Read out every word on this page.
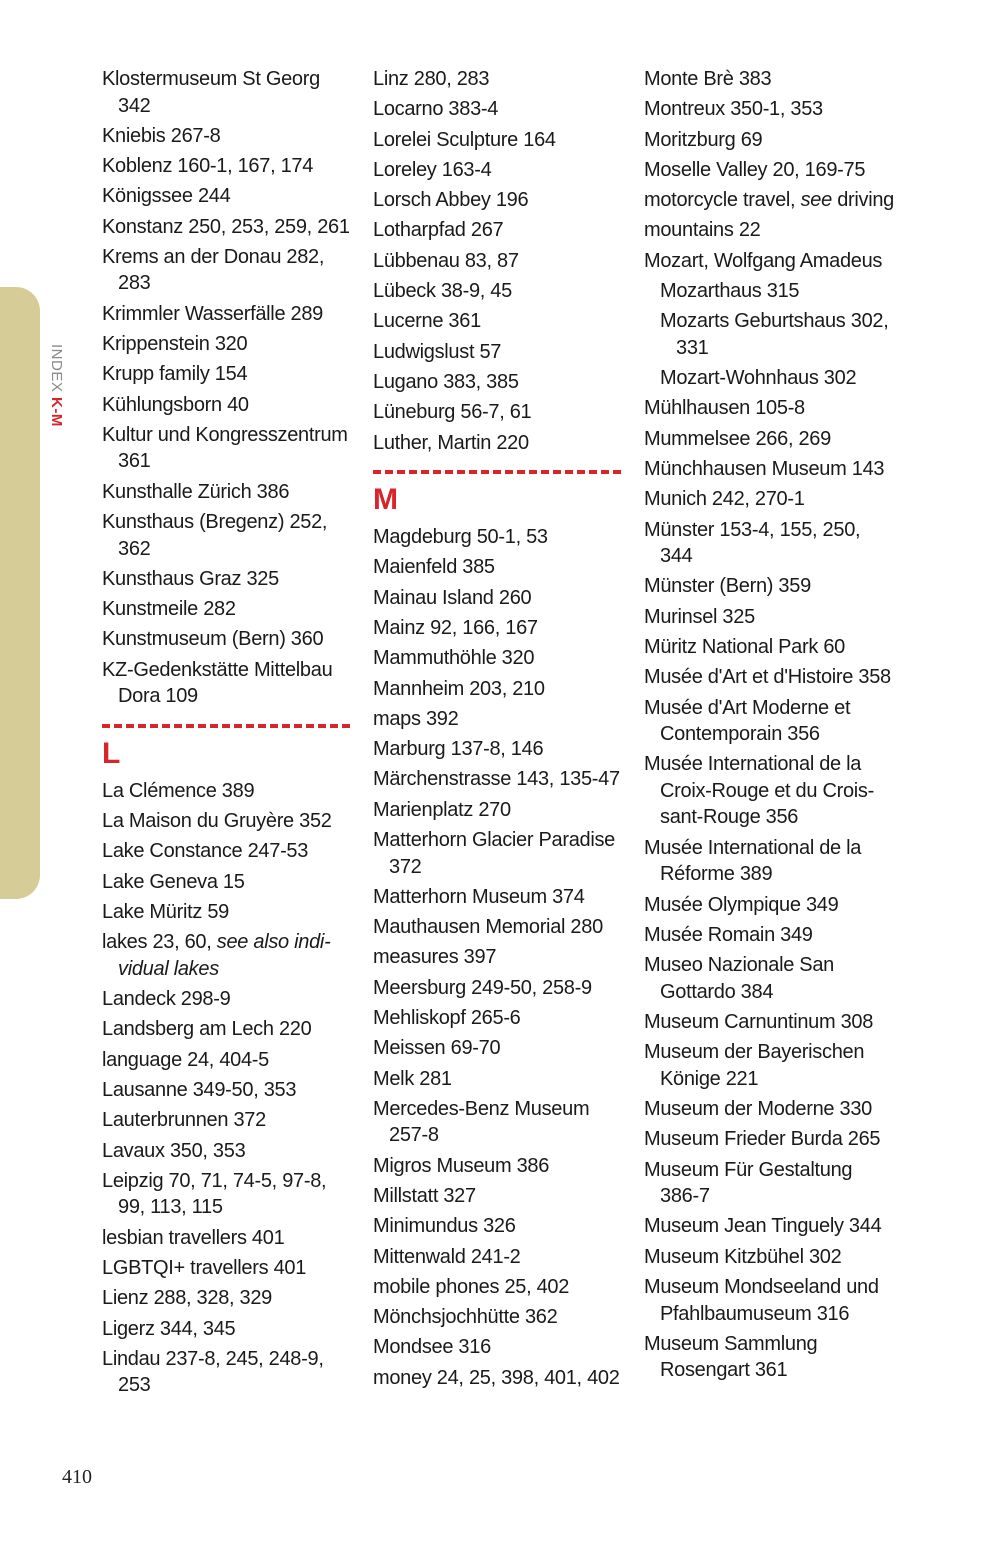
INDEX K-M
Klostermuseum St Georg 342
Kniebis 267-8
Koblenz 160-1, 167, 174
Königssee 244
Konstanz 250, 253, 259, 261
Krems an der Donau 282, 283
Krimmler Wasserfälle 289
Krippenstein 320
Krupp family 154
Kühlungsborn 40
Kultur und Kongresszentrum 361
Kunsthalle Zürich 386
Kunsthaus (Bregenz) 252, 362
Kunsthaus Graz 325
Kunstmeile 282
Kunstmuseum (Bern) 360
KZ-Gedenkstätte Mittelbau Dora 109
L
La Clémence 389
La Maison du Gruyère 352
Lake Constance 247-53
Lake Geneva 15
Lake Müritz 59
lakes 23, 60, see also individual lakes
Landeck 298-9
Landsberg am Lech 220
language 24, 404-5
Lausanne 349-50, 353
Lauterbrunnen 372
Lavaux 350, 353
Leipzig 70, 71, 74-5, 97-8, 99, 113, 115
lesbian travellers 401
LGBTQI+ travellers 401
Lienz 288, 328, 329
Ligerz 344, 345
Lindau 237-8, 245, 248-9, 253
Linz 280, 283
Locarno 383-4
Lorelei Sculpture 164
Loreley 163-4
Lorsch Abbey 196
Lotharpfad 267
Lübbenau 83, 87
Lübeck 38-9, 45
Lucerne 361
Ludwigslust 57
Lugano 383, 385
Lüneburg 56-7, 61
Luther, Martin 220
M
Magdeburg 50-1, 53
Maienfeld 385
Mainau Island 260
Mainz 92, 166, 167
Mammuthöhle 320
Mannheim 203, 210
maps 392
Marburg 137-8, 146
Märchenstrasse 143, 135-47
Marienplatz 270
Matterhorn Glacier Paradise 372
Matterhorn Museum 374
Mauthausen Memorial 280
measures 397
Meersburg 249-50, 258-9
Mehliskopf 265-6
Meissen 69-70
Melk 281
Mercedes-Benz Museum 257-8
Migros Museum 386
Millstatt 327
Minimundus 326
Mittenwald 241-2
mobile phones 25, 402
Mönchsjochhütte 362
Mondsee 316
money 24, 25, 398, 401, 402
Monte Brè 383
Montreux 350-1, 353
Moritzburg 69
Moselle Valley 20, 169-75
motorcycle travel, see driving
mountains 22
Mozart, Wolfgang Amadeus
Mozarthaus 315
Mozarts Geburtshaus 302, 331
Mozart-Wohnhaus 302
Mühlhausen 105-8
Mummelsee 266, 269
Münchhausen Museum 143
Munich 242, 270-1
Münster 153-4, 155, 250, 344
Münster (Bern) 359
Murinsel 325
Müritz National Park 60
Musée d'Art et d'Histoire 358
Musée d'Art Moderne et Contemporain 356
Musée International de la Croix-Rouge et du Croissant-Rouge 356
Musée International de la Réforme 389
Musée Olympique 349
Musée Romain 349
Museo Nazionale San Gottardo 384
Museum Carnuntinum 308
Museum der Bayerischen Könige 221
Museum der Moderne 330
Museum Frieder Burda 265
Museum Für Gestaltung 386-7
Museum Jean Tinguely 344
Museum Kitzbühel 302
Museum Mondseeland und Pfahlbaumuseum 316
Museum Sammlung Rosengart 361
410
